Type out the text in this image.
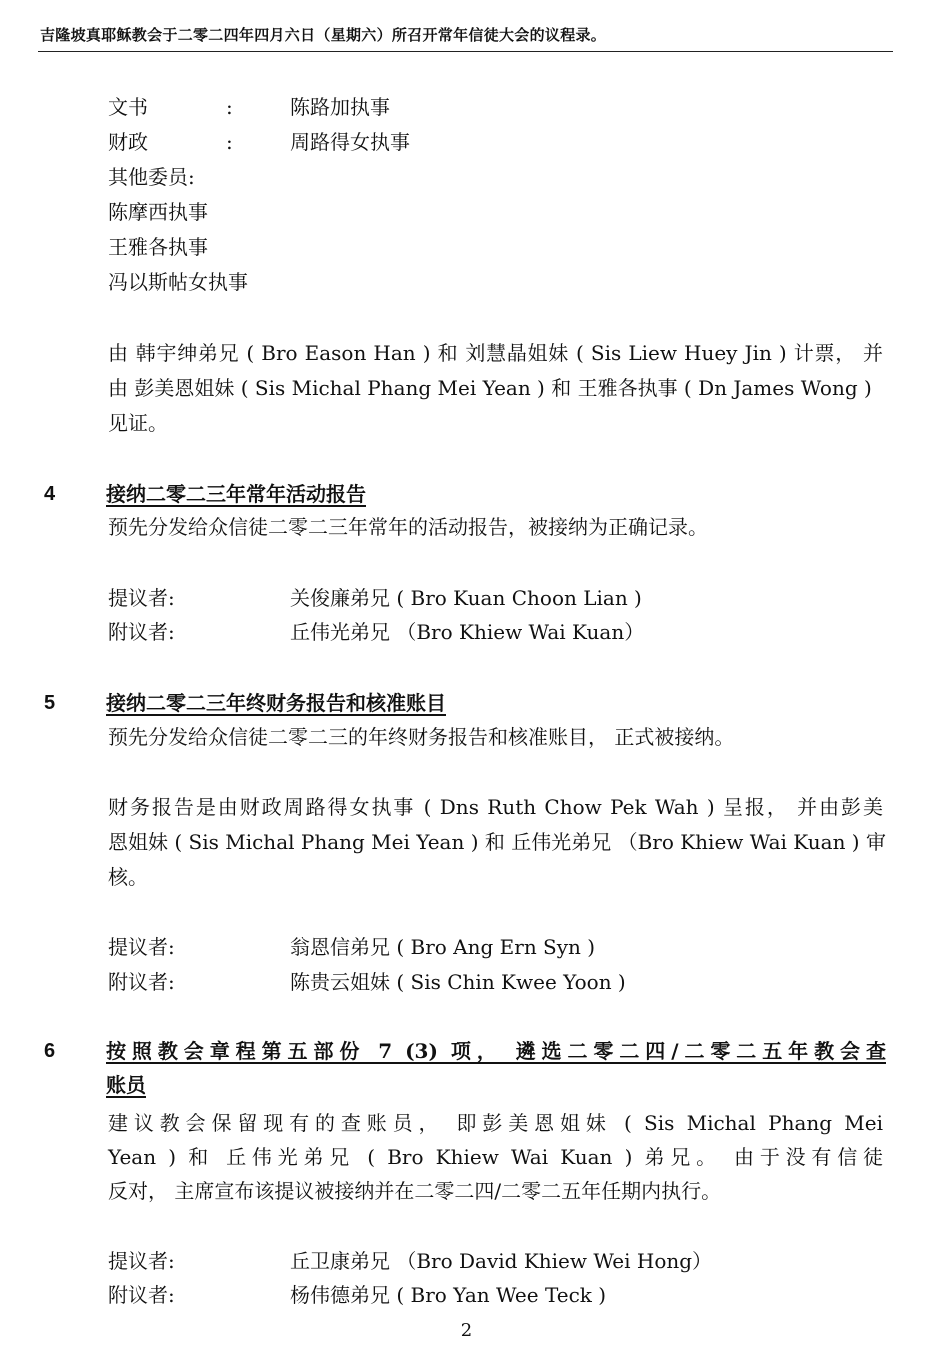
吉隆坡真耶稣教会于二零二四年四月六日（星期六）所召开常年信徒大会的议程录。
文书	:	陈路加执事
财政	:	周路得女执事
其他委员:
陈摩西执事
王雅各执事
冯以斯帖女执事
由 韩宇绅弟兄 ( Bro Eason Han ) 和 刘慧晶姐妹 ( Sis Liew Huey Jin ) 计票， 并
由 彭美恩姐妹 ( Sis Michal Phang Mei Yean ) 和 王雅各执事 ( Dn James Wong )
见证。
4	接纳二零二三年常年活动报告
预先分发给众信徒二零二三年常年的活动报告，被接纳为正确记录。
提议者:	关俊廉弟兄 ( Bro Kuan Choon Lian )
附议者:	丘伟光弟兄 （Bro Khiew Wai Kuan）
5	接纳二零二三年终财务报告和核准账目
预先分发给众信徒二零二三的年终财务报告和核准账目， 正式被接纳。
财务报告是由财政周路得女执事 ( Dns Ruth Chow Pek Wah ) 呈报， 并由彭美
恩姐妹 ( Sis Michal Phang Mei Yean ) 和 丘伟光弟兄 （Bro Khiew Wai Kuan ) 审
核。
提议者:	翁恩信弟兄 ( Bro Ang Ern Syn )
附议者:	陈贵云姐妹 ( Sis Chin Kwee Yoon )
6	按照教会章程第五部份 7 (3) 项， 遴选二零二四/二零二五年教会查
账员
建议教会保留现有的查账员， 即彭美恩姐妹 ( Sis Michal Phang Mei
Yean ) 和 丘伟光弟兄 ( Bro Khiew Wai Kuan ) 弟兄。 由于没有信徒
反对， 主席宣布该提议被接纳并在二零二四/二零二五年任期内执行。
提议者:	丘卫康弟兄 （Bro David Khiew Wei Hong）
附议者:	杨伟德弟兄 ( Bro Yan Wee Teck )
2
